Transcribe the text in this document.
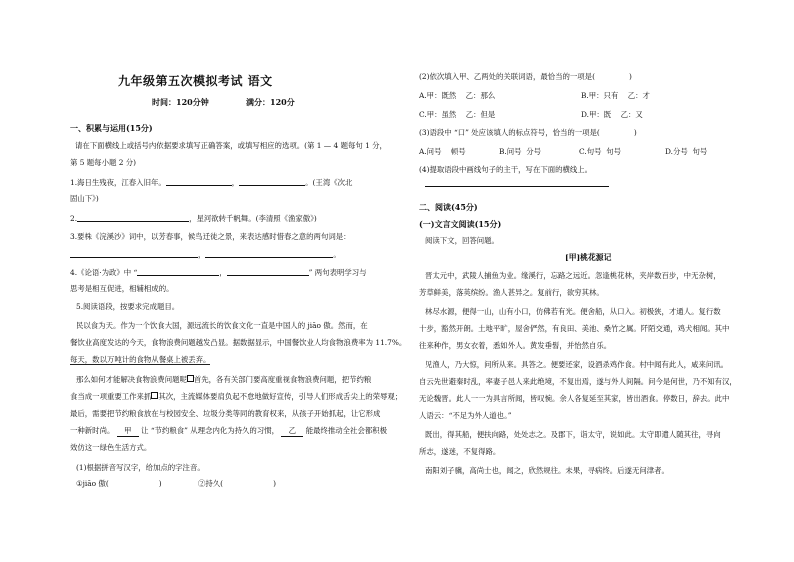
九年级第五次模拟考试 语文
时间：120分钟	满分：120分
一、积累与运用(15分)
请在下面横线上或括号内依据要求填写正确答案，或填写相应的选项。(第 1 — 4 题每句 1 分，
第 5 题每小题 2 分)
1.海日生残夜，江春入旧年。	，	。(王湾《次北
固山下》)
2.	，星河欲转千帆舞。(李清照《渔家傲》)
3.要株《浣溪沙》词中，以芳春事，候鸟迁徒之景，来表达感时惜春之意的两句词是：
，	。
4.《论语·为政》中 “	，	” 两句表明学习与
思考是相互促进，相辅相成的。
5.阅读语段，按要求完成题目。
民以食为天。作为一个饮食大国，源远流长的饮食文化一直是中国人的 jiāo 傲。然而，在
餐饮业高度发达的今天，食物浪费问题越发凸显。据数据显示，中国餐饮业人均食物浪费率为 11.7%。
每天，数以万吨计的食物从餐桌上被丢弃。
那么如何才能解决食物浪费问题呢 首先，各有关部门要高度重视食物浪费问题，把节约粮
食当成一项重要工作来抓 其次，主流媒体要肩负起不怠地做好宣传，引导人们形成舌尖上的荣辱观；
最后，需要把节约粮食放在与校园安全、垃圾分类等同的教育权来，从孩子开始抓起，让它形成
一种新时尚。 甲 让 “节约粮食” 从理念内化为持久的习惯， 乙 能最终推动全社会都积极
效仿这一绿色生活方式。
(1)根据拼音写汉字，给加点的字注音。
①jiāo 傲(	)	②持久(	)
(2)依次填入甲、乙两处的关联词语，最恰当的一项是(	)
A.甲：既然 乙：那么	B.甲：只有 乙：才
C.甲：虽然 乙：但是	D.甲：既 乙：又
(3)语段中 “口” 处应该填人的标点符号，恰当的一项是(	)
A.问号 顿号	B.问号 分号	C.句号 句号	D.分号 句号
(4)提取语段中画线句子的主干，写在下面的横线上。
二、阅读(45分)
(一)文言文阅读(15分)
阅读下文，回答问题。
[甲]桃花源记
晋太元中，武陵人捕鱼为业。缘溪行，忘路之远近。忽逢桃花林，夹岸数百步，中无杂树，
芳草鲜美，落英缤纷。渔人甚异之。复前行，欲穷其林。
林尽水源，便得一山，山有小口，仿佛若有光。便舍船，从口入。初极狭，才通人。复行数
十步，豁然开朗。土地平旷，屋舍俨然，有良田、美池、桑竹之属。阡陌交通，鸡犬相闻。其中
往来种作，男女衣着，悉如外人。黄发垂髫，并怡然自乐。
见渔人，乃大惊，问所从来。具答之。便要还家，设酒杀鸡作食。村中闻有此人，咸来问讯。
自云先世避秦时乱，率妻子邑人来此绝境，不复出焉，遂与外人间隔。问今是何世，乃不知有汉，
无论魏晋。此人一一为具言所闻，皆叹惋。余人各复延至其家，皆出酒食。停数日，辞去。此中
人语云：“不足为外人道也。”
既出，得其船，便扶向路，处处志之。及郡下，诣太守，说如此。太守即遣人随其往，寻向
所志，遂迷，不复得路。
南阳刘子骥，高尚士也，闻之，欣然规往。未果，寻病终。后遂无问津者。
